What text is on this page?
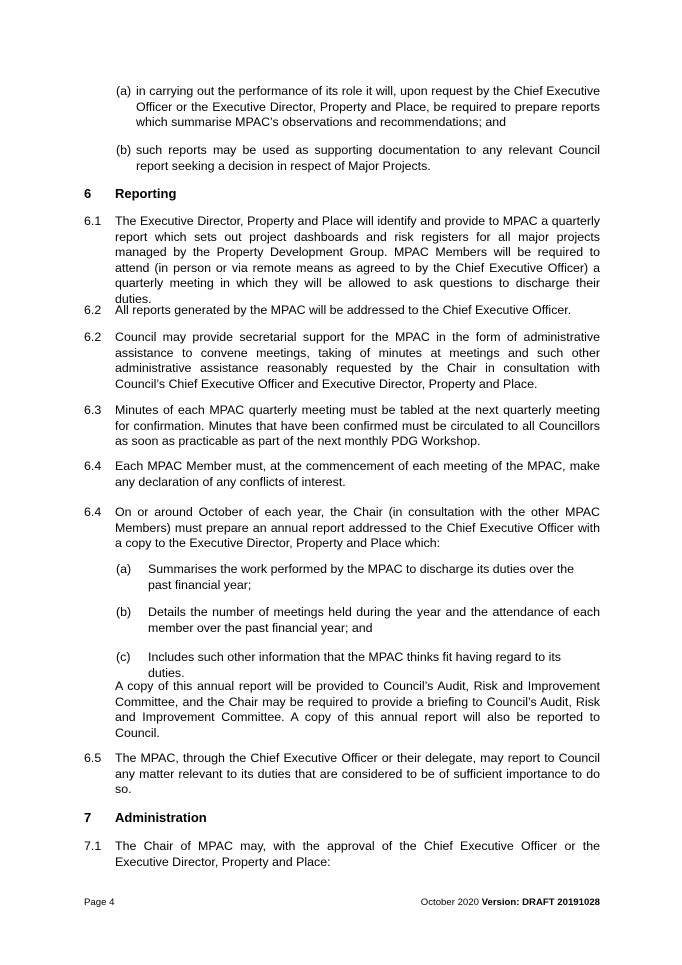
(a) in carrying out the performance of its role it will, upon request by the Chief Executive Officer or the Executive Director, Property and Place, be required to prepare reports which summarise MPAC’s observations and recommendations; and
(b) such reports may be used as supporting documentation to any relevant Council report seeking a decision in respect of Major Projects.
6 Reporting
6.1 The Executive Director, Property and Place will identify and provide to MPAC a quarterly report which sets out project dashboards and risk registers for all major projects managed by the Property Development Group. MPAC Members will be required to attend (in person or via remote means as agreed to by the Chief Executive Officer) a quarterly meeting in which they will be allowed to ask questions to discharge their duties.
6.2 All reports generated by the MPAC will be addressed to the Chief Executive Officer.
6.2 Council may provide secretarial support for the MPAC in the form of administrative assistance to convene meetings, taking of minutes at meetings and such other administrative assistance reasonably requested by the Chair in consultation with Council’s Chief Executive Officer and Executive Director, Property and Place.
6.3 Minutes of each MPAC quarterly meeting must be tabled at the next quarterly meeting for confirmation. Minutes that have been confirmed must be circulated to all Councillors as soon as practicable as part of the next monthly PDG Workshop.
6.4 Each MPAC Member must, at the commencement of each meeting of the MPAC, make any declaration of any conflicts of interest.
6.4 On or around October of each year, the Chair (in consultation with the other MPAC Members) must prepare an annual report addressed to the Chief Executive Officer with a copy to the Executive Director, Property and Place which:
(a) Summarises the work performed by the MPAC to discharge its duties over the past financial year;
(b) Details the number of meetings held during the year and the attendance of each member over the past financial year; and
(c) Includes such other information that the MPAC thinks fit having regard to its duties.
A copy of this annual report will be provided to Council’s Audit, Risk and Improvement Committee, and the Chair may be required to provide a briefing to Council’s Audit, Risk and Improvement Committee. A copy of this annual report will also be reported to Council.
6.5 The MPAC, through the Chief Executive Officer or their delegate, may report to Council any matter relevant to its duties that are considered to be of sufficient importance to do so.
7 Administration
7.1 The Chair of MPAC may, with the approval of the Chief Executive Officer or the Executive Director, Property and Place:
Page 4	October 2020 Version: DRAFT 20191028
